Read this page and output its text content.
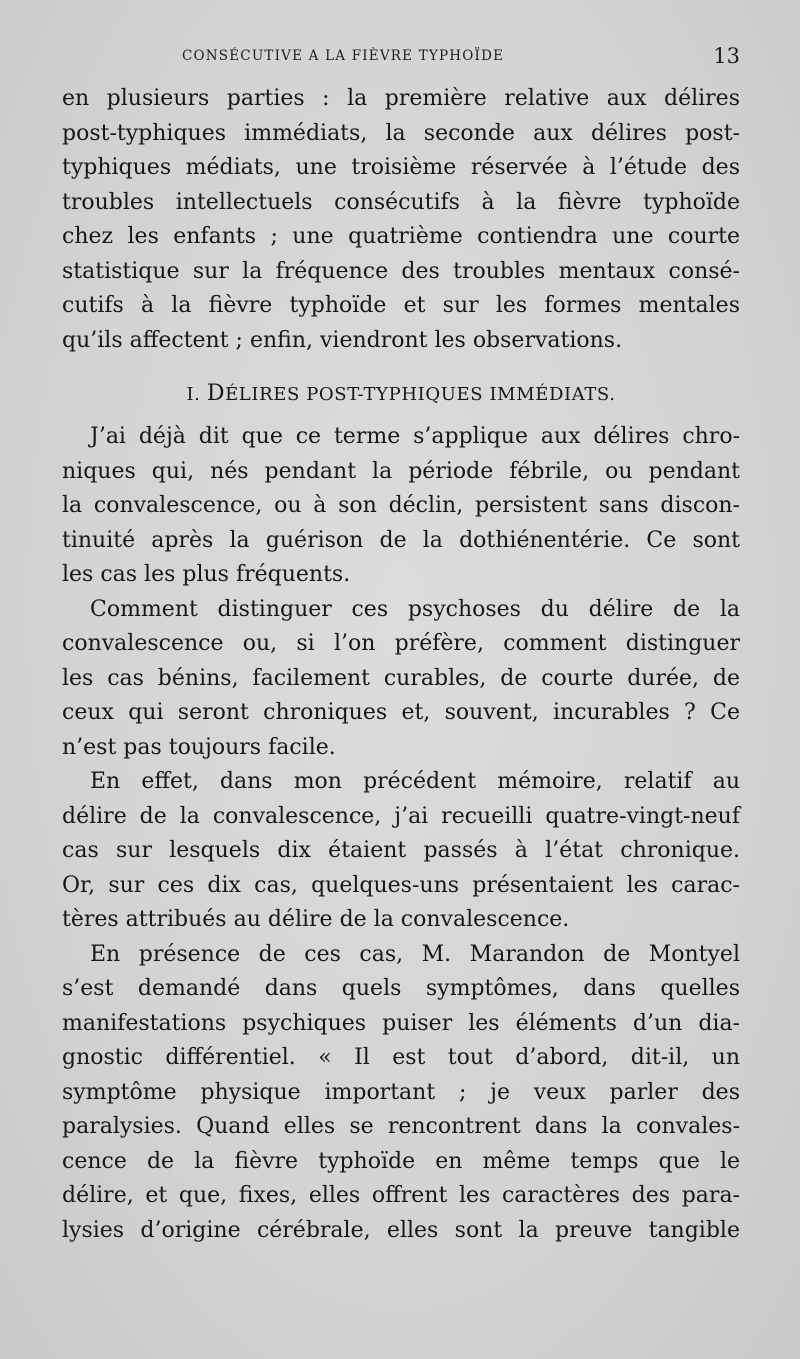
CONSÉCUTIVE A LA FIÈVRE TYPHOÏDE	13
en plusieurs parties : la première relative aux délires
post-typhiques immédiats, la seconde aux délires post-
typhiques médiats, une troisième réservée à l’étude des
troubles intellectuels consécutifs à la fièvre typhoïde
chez les enfants ; une quatrième contiendra une courte
statistique sur la fréquence des troubles mentaux consé-
cutifs à la fièvre typhoïde et sur les formes mentales
qu’ils affectent ; enfin, viendront les observations.
I. DÉLIRES POST-TYPHIQUES IMMÉDIATS.
J’ai déjà dit que ce terme s’applique aux délires chro-
niques qui, nés pendant la période fébrile, ou pendant
la convalescence, ou à son déclin, persistent sans discon-
tinuité après la guérison de la dothiénentérie. Ce sont
les cas les plus fréquents.
Comment distinguer ces psychoses du délire de la
convalescence ou, si l’on préfère, comment distinguer
les cas bénins, facilement curables, de courte durée, de
ceux qui seront chroniques et, souvent, incurables ? Ce
n’est pas toujours facile.
En effet, dans mon précédent mémoire, relatif au
délire de la convalescence, j’ai recueilli quatre-vingt-neuf
cas sur lesquels dix étaient passés à l’état chronique.
Or, sur ces dix cas, quelques-uns présentaient les carac-
tères attribués au délire de la convalescence.
En présence de ces cas, M. Marandon de Montyel
s’est demandé dans quels symptômes, dans quelles
manifestations psychiques puiser les éléments d’un dia-
gnostic différentiel. « Il est tout d’abord, dit-il, un
symptôme physique important ; je veux parler des
paralysies. Quand elles se rencontrent dans la convales-
cence de la fièvre typhoïde en même temps que le
délire, et que, fixes, elles offrent les caractères des para-
lysies d’origine cérébrale, elles sont la preuve tangible
